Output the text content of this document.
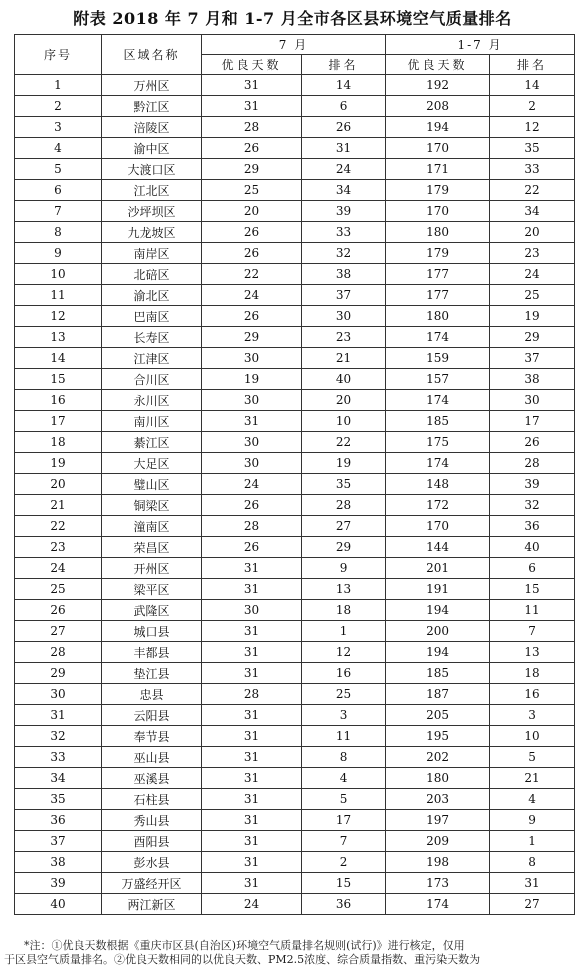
附表 2018 年 7 月和 1-7 月全市各区县环境空气质量排名
序号	区域名称	7 月		1-7 月	
		优良天数	排名	优良天数	排名
1	万州区	31	14	192	14
2	黔江区	31	6	208	2
3	涪陵区	28	26	194	12
4	渝中区	26	31	170	35
5	大渡口区	29	24	171	33
6	江北区	25	34	179	22
7	沙坪坝区	20	39	170	34
8	九龙坡区	26	33	180	20
9	南岸区	26	32	179	23
10	北碚区	22	38	177	24
11	渝北区	24	37	177	25
12	巴南区	26	30	180	19
13	长寿区	29	23	174	29
14	江津区	30	21	159	37
15	合川区	19	40	157	38
16	永川区	30	20	174	30
17	南川区	31	10	185	17
18	綦江区	30	22	175	26
19	大足区	30	19	174	28
20	璧山区	24	35	148	39
21	铜梁区	26	28	172	32
22	潼南区	28	27	170	36
23	荣昌区	26	29	144	40
24	开州区	31	9	201	6
25	梁平区	31	13	191	15
26	武隆区	30	18	194	11
27	城口县	31	1	200	7
28	丰都县	31	12	194	13
29	垫江县	31	16	185	18
30	忠县	28	25	187	16
31	云阳县	31	3	205	3
32	奉节县	31	11	195	10
33	巫山县	31	8	202	5
34	巫溪县	31	4	180	21
35	石柱县	31	5	203	4
36	秀山县	31	17	197	9
37	酉阳县	31	7	209	1
38	彭水县	31	2	198	8
39	万盛经开区	31	15	173	31
40	两江新区	24	36	174	27

*注：①优良天数根据《重庆市区县(自治区)环境空气质量排名规则(试行)》进行核定，仅用

于区县空气质量排名。②优良天数相同的以优良天数、PM2.5浓度、综合质量指数、重污染天数为
